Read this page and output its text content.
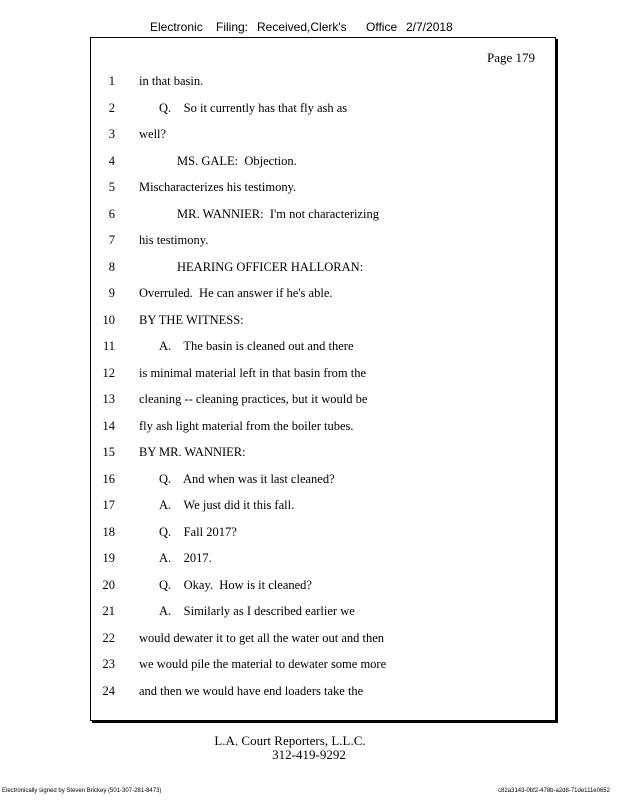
Electronic Filing: Received,Clerk's Office 2/7/2018
Page 179
1 in that basin.
2	Q.    So it currently has that fly ash as
3 well?
4	MS. GALE:  Objection.
5 Mischaracterizes his testimony.
6	MR. WANNIER:  I'm not characterizing
7 his testimony.
8	HEARING OFFICER HALLORAN:
9 Overruled.  He can answer if he's able.
10 BY THE WITNESS:
11	A.    The basin is cleaned out and there
12 is minimal material left in that basin from the
13 cleaning -- cleaning practices, but it would be
14 fly ash light material from the boiler tubes.
15 BY MR. WANNIER:
16	Q.    And when was it last cleaned?
17	A.    We just did it this fall.
18	Q.    Fall 2017?
19	A.    2017.
20	Q.    Okay.  How is it cleaned?
21	A.    Similarly as I described earlier we
22 would dewater it to get all the water out and then
23 we would pile the material to dewater some more
24 and then we would have end loaders take the
L.A. Court Reporters, L.L.C.
312-419-9292
Electronically signed by Steven Brickey (501-307-281-8473)	c82a3143-0bf2-478b-a2d8-71de111e0652
